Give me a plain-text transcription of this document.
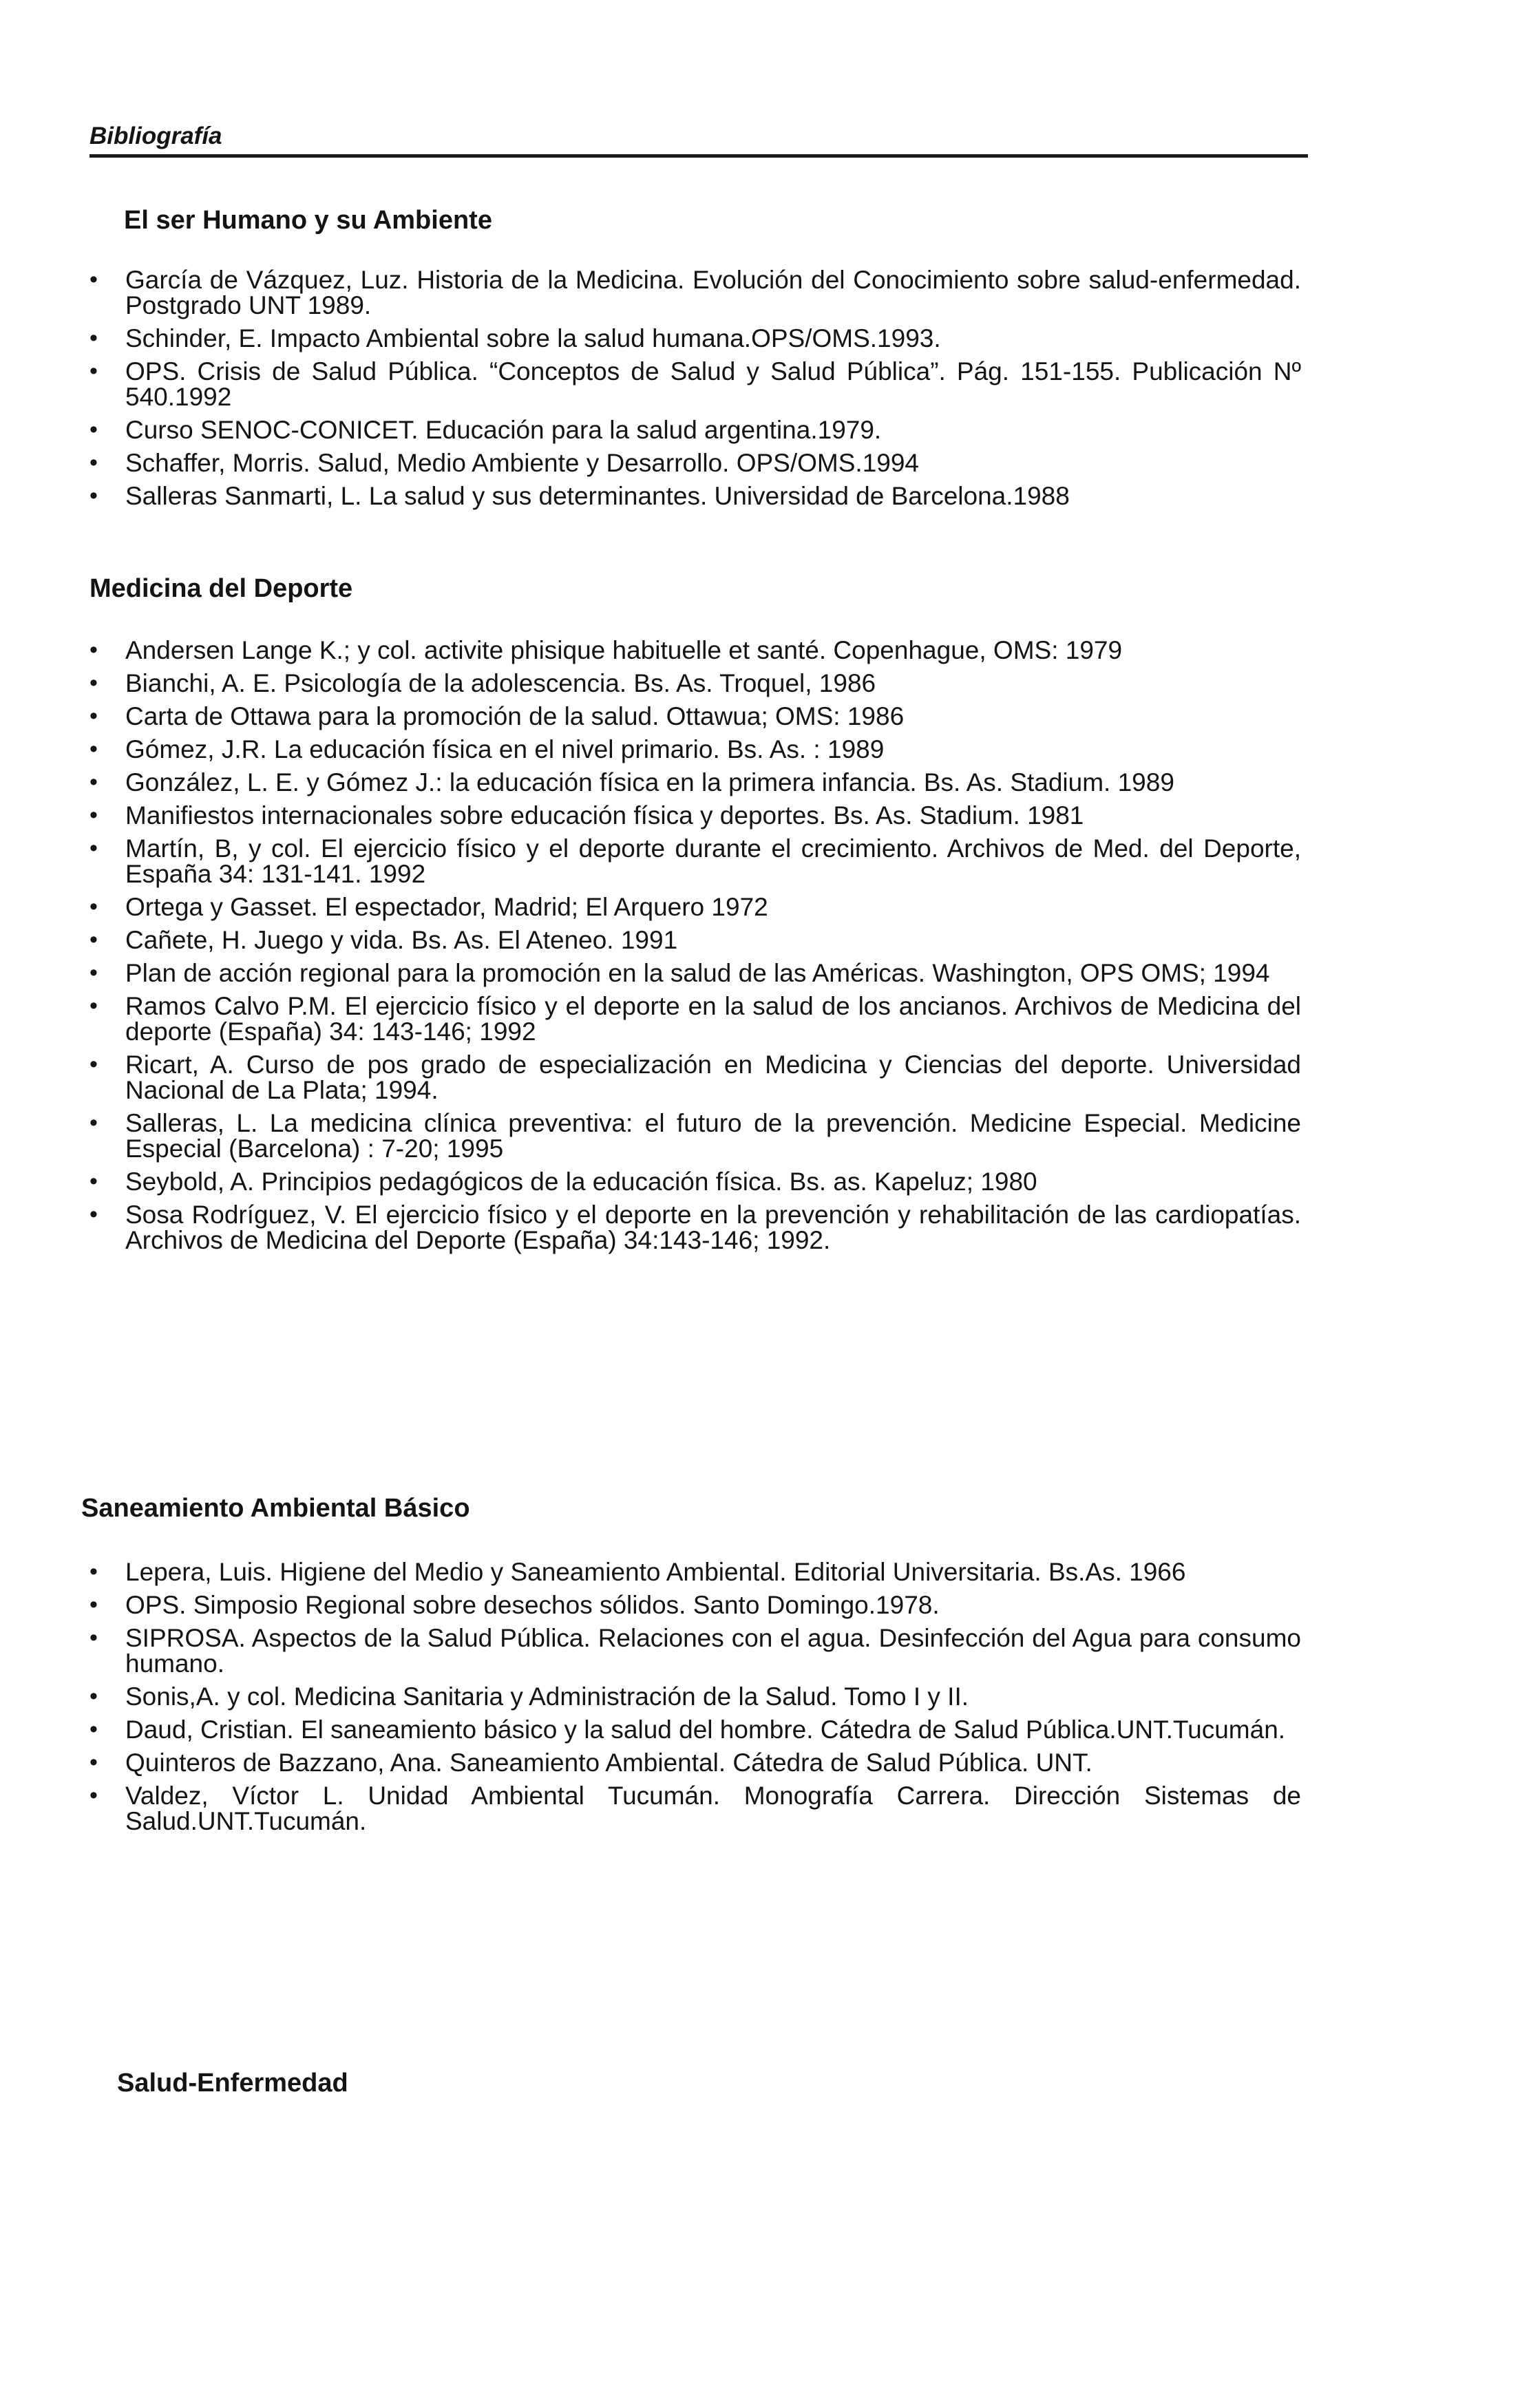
Bibliografía
El ser Humano y su Ambiente
•	García de Vázquez, Luz. Historia de la Medicina. Evolución del Conocimiento sobre salud-enfermedad. Postgrado UNT 1989.
•	Schinder, E. Impacto Ambiental sobre la salud humana.OPS/OMS.1993.
•	OPS. Crisis de Salud Pública. “Conceptos de Salud y Salud Pública”. Pág. 151-155. Publicación Nº 540.1992
•	Curso SENOC-CONICET. Educación para la salud argentina.1979.
•	Schaffer, Morris. Salud, Medio Ambiente y Desarrollo. OPS/OMS.1994
•	Salleras Sanmarti, L. La salud y sus determinantes. Universidad de Barcelona.1988
Medicina del Deporte
•	Andersen Lange K.; y col. activite phisique habituelle et santé. Copenhague, OMS: 1979
•	Bianchi, A. E. Psicología de la adolescencia. Bs. As. Troquel, 1986
•	Carta de Ottawa para la promoción de la salud. Ottawua; OMS: 1986
•	Gómez, J.R. La educación física en el nivel primario. Bs. As. : 1989
•	González, L. E. y Gómez J.: la educación física en la primera infancia. Bs. As. Stadium. 1989
•	Manifiestos internacionales sobre educación física y deportes. Bs. As. Stadium. 1981
•	Martín, B, y col. El ejercicio físico y el deporte durante el crecimiento. Archivos de Med. del Deporte, España 34: 131-141. 1992
•	Ortega y Gasset. El espectador, Madrid; El Arquero 1972
•	Cañete, H. Juego y vida. Bs. As. El Ateneo. 1991
•	Plan de acción regional para la promoción en la salud de las Américas. Washington, OPS OMS; 1994
•	Ramos Calvo P.M. El ejercicio físico y el deporte en la salud de los ancianos. Archivos de Medicina del deporte (España) 34: 143-146; 1992
•	Ricart, A. Curso de pos grado de especialización en Medicina y Ciencias del deporte. Universidad Nacional de La Plata; 1994.
•	Salleras, L. La medicina clínica preventiva: el futuro de la prevención. Medicine Especial. Medicine Especial (Barcelona) : 7-20; 1995
•	Seybold, A. Principios pedagógicos de la educación física. Bs. as. Kapeluz; 1980
•	Sosa Rodríguez, V. El ejercicio físico y el deporte en la prevención y rehabilitación de las cardiopatías. Archivos de Medicina del Deporte (España) 34:143-146; 1992.
Saneamiento Ambiental Básico
•	Lepera, Luis. Higiene del Medio y Saneamiento Ambiental. Editorial Universitaria. Bs.As. 1966
•	OPS. Simposio Regional sobre desechos sólidos. Santo Domingo.1978.
•	SIPROSA. Aspectos de la Salud Pública. Relaciones con el agua. Desinfección del Agua para consumo humano.
•	Sonis,A. y col. Medicina Sanitaria y Administración de la Salud. Tomo I y II.
•	Daud, Cristian. El saneamiento básico y la salud del hombre. Cátedra de Salud Pública.UNT.Tucumán.
•	Quinteros de Bazzano, Ana. Saneamiento Ambiental. Cátedra de Salud Pública. UNT.
•	Valdez, Víctor L. Unidad Ambiental Tucumán. Monografía Carrera. Dirección Sistemas de Salud.UNT.Tucumán.
Salud-Enfermedad
